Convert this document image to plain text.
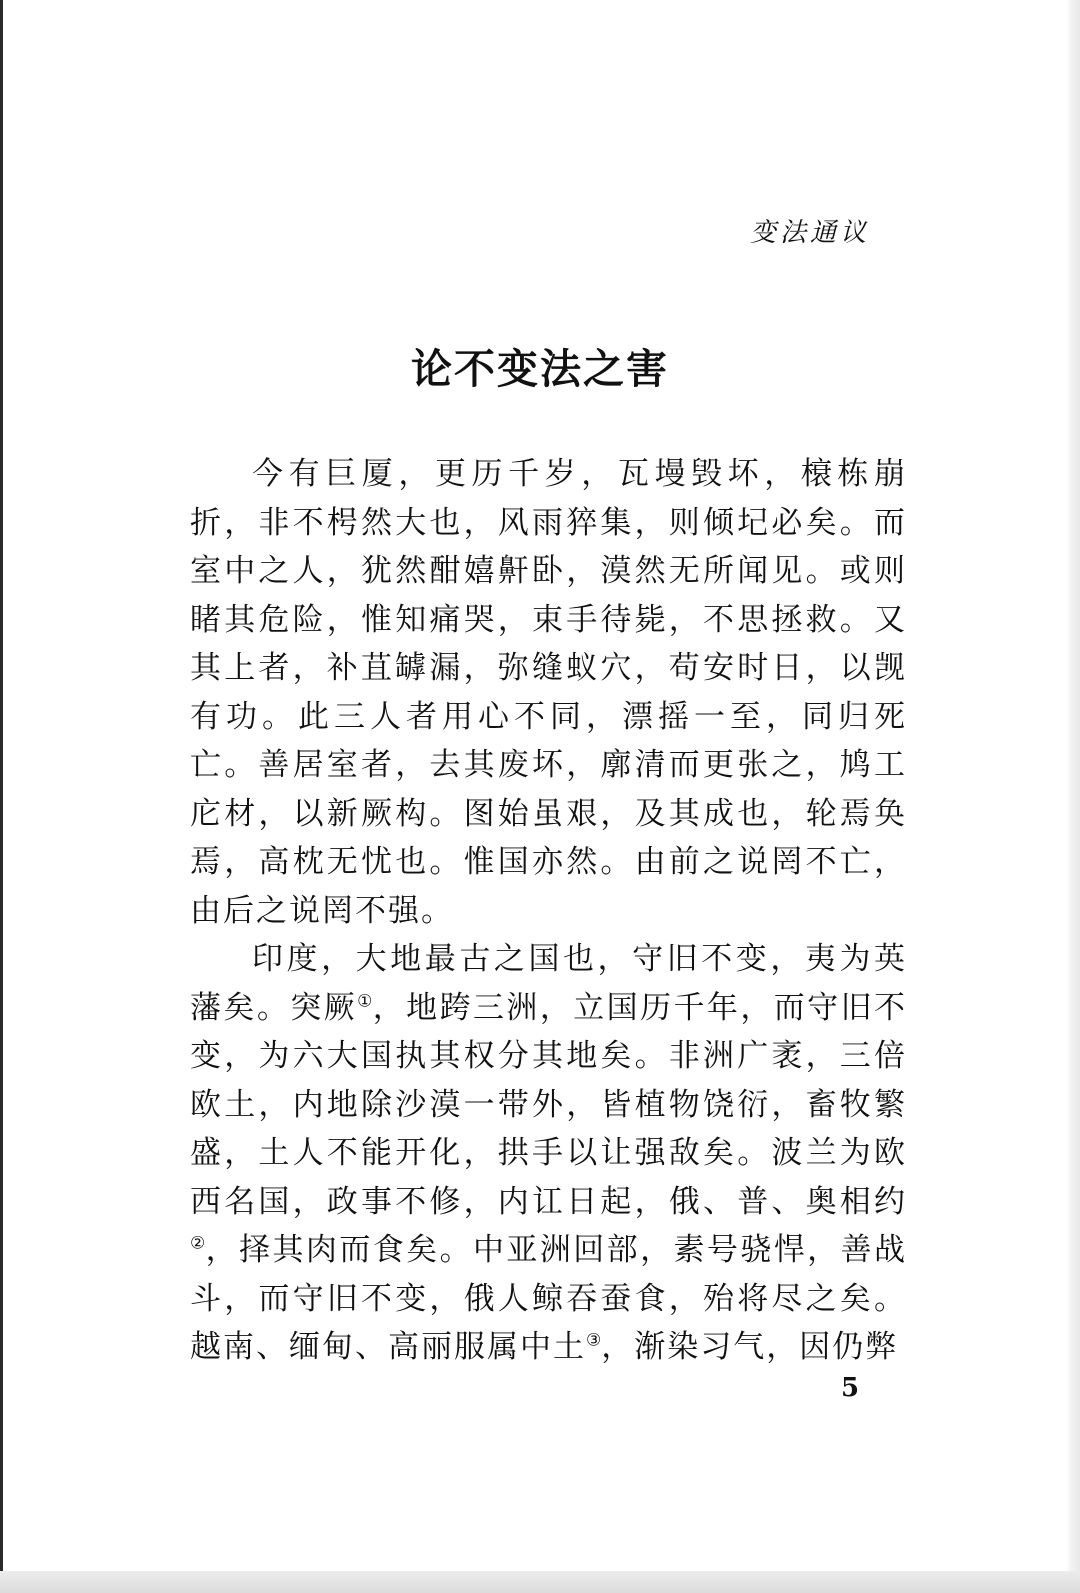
变法通议
论不变法之害

今有巨厦，更历千岁，瓦墁毁坏，榱栋崩折，非不枵然大也，风雨猝集，则倾圮必矣。而室中之人，犹然酣嬉鼾卧，漠然无所闻见。或则睹其危险，惟知痛哭，束手待毙，不思拯救。又其上者，补苴罅漏，弥缝蚁穴，苟安时日，以觊有功。此三人者用心不同，漂摇一至，同归死亡。善居室者，去其废坏，廓清而更张之，鸠工庀材，以新厥构。图始虽艰，及其成也，轮焉奂焉，高枕无忧也。惟国亦然。由前之说罔不亡，由后之说罔不强。

印度，大地最古之国也，守旧不变，夷为英藩矣。突厥①，地跨三洲，立国历千年，而守旧不变，为六大国执其权分其地矣。非洲广袤，三倍欧土，内地除沙漠一带外，皆植物饶衍，畜牧繁盛，土人不能开化，拱手以让强敌矣。波兰为欧西名国，政事不修，内讧日起，俄、普、奥相约②，择其肉而食矣。中亚洲回部，素号骁悍，善战斗，而守旧不变，俄人鲸吞蚕食，殆将尽之矣。越南、缅甸、高丽服属中土③，渐染习气，因仍弊

5
